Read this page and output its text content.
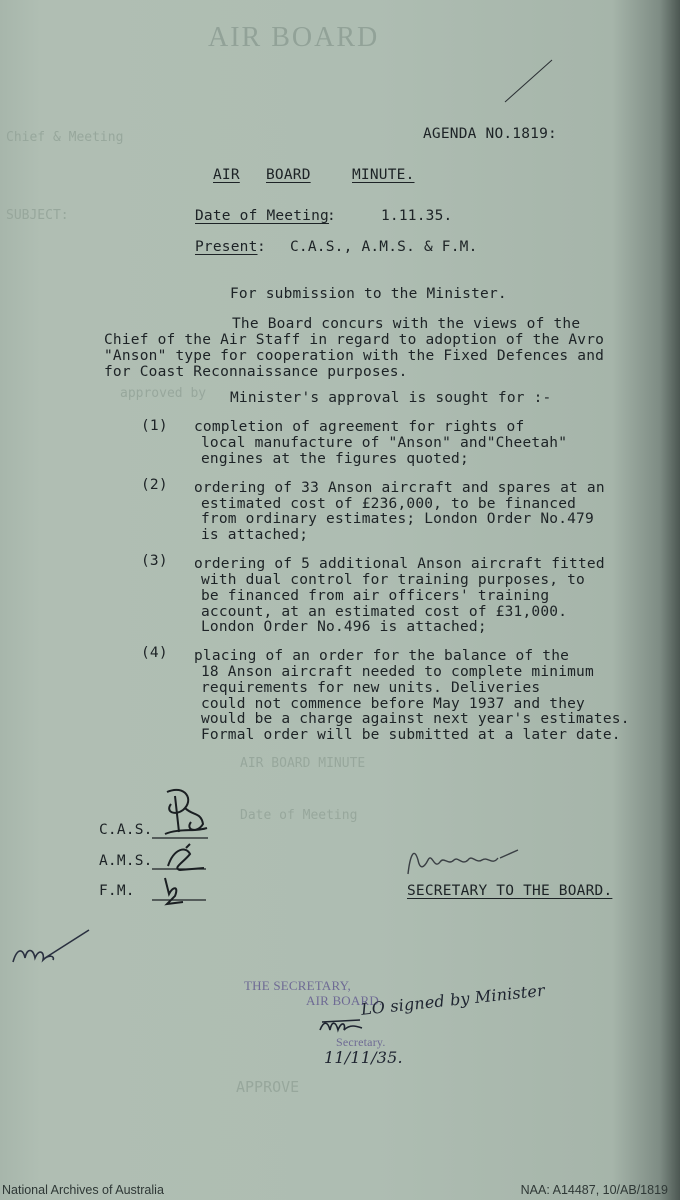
AIR BOARD
Chief & Meeting
SUBJECT:
approved by
AIR BOARD MINUTE
Date of Meeting
APPROVE
AGENDA NO.1819:
AIR BOARD	MINUTE.
Date of Meeting
:	1.11.35.
Present : C.A.S., A.M.S. & F.M.
For submission to the Minister.
The Board concurs with the views of the
Chief of the Air Staff in regard to adoption of the Avro
"Anson" type for cooperation with the Fixed Defences and
for Coast Reconnaissance purposes.
Minister's approval is sought for :-
(1) completion of agreement for rights of
local manufacture of "Anson" and"Cheetah"
engines at the figures quoted;
(2) ordering of 33 Anson aircraft and spares at an
estimated cost of £236,000, to be financed
from ordinary estimates; London Order No.479
is attached;
(3) ordering of 5 additional Anson aircraft fitted
with dual control for training purposes, to
be financed from air officers' training
account, at an estimated cost of £31,000.
London Order No.496 is attached;
(4) placing of an order for the balance of the
18 Anson aircraft needed to complete minimum
requirements for new units. Deliveries
could not commence before May 1937 and they
would be a charge against next year's estimates.
Formal order will be submitted at a later date.
C.A.S.
A.M.S.
F.M.	SECRETARY TO THE BOARD.
THE SECRETARY,
AIR BOARD.
Secretary.
LO signed by Minister
11/11/35.
National Archives of Australia	NAA: A14487, 10/AB/1819
